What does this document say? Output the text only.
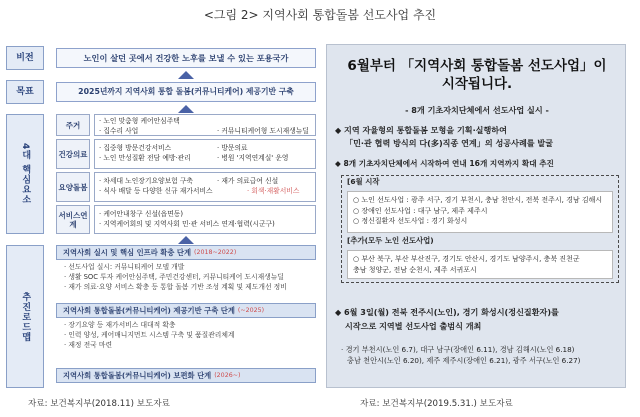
<그림 2> 지역사회 통합돌봄 선도사업 추진
비전	노인이 살던 곳에서 건강한 노후를 보낼 수 있는 포용국가
목표	2025년까지 지역사회 통합 돌봄(커뮤니티케어) 제공기반 구축
4대 핵심요소
주거	· 노인 맞춤형 케어안심주택
· 집수리 사업	· 커뮤니티케어형 도시재생뉴딜
건강의료
· 집중형 방문건강서비스	· 방문의료
· 노인 만성질환 전담 예방·관리	· 병원 '지역연계실' 운영
요양돌봄
· 차세대 노인장기요양보험 구축	· 재가 의료급여 신설
· 식사 배달 등 다양한 신규 재가서비스	· 회색·재활서비스
서비스연계
· 케어안내창구 신설(읍면동)
· 지역케어회의 및 지역사회 민·관 서비스 연계·협력(시군구)
추진로드맵
지역사회 실시 및 핵심 인프라 확충 단계 (2018~2022)
· 선도사업 실시: 커뮤니티케어 모델 개발
· 생활 SOC 투자 케어안심주택, 주민건강센터, 커뮤니티케어 도시재생뉴딜
· 재가 의료·요양 서비스 확충 등 통합 돌봄 기반 조성 계획 및 제도개선 정비
지역사회 통합돌봄(커뮤니티케어) 제공기반 구축 단계 (~2025)
· 장기요양 등 재가서비스 대대적 확충
· 인력 양성, 케어매니지먼트 시스템 구축 및 품질관리체계
· 재정 전국 마련
지역사회 통합돌봄(커뮤니티케어) 보편화 단계 (2026~)
자료: 보건복지부(2018.11) 보도자료
6월부터 「지역사회 통합돌봄 선도사업」이
시작됩니다.
- 8개 기초자치단체에서 선도사업 실시 -
◆ 지역 자율형의 통합돌봄 모형을 기획·실행하여
「민·관 협력 방식의 다(多)직종 연계」의 성공사례를 발굴
◆ 8개 기초자치단체에서 시작하여 연내 16개 지역까지 확대 추진
[6월 시작
○ 노인 선도사업 : 광주 서구, 경기 부천시, 충남 천안시, 전북 전주시, 경남 김해시
○ 장애인 선도사업 : 대구 남구, 제주 제주시
○ 정신질환자 선도사업 : 경기 화성시
[추가(모두 노인 선도사업)
○ 부산 북구, 부산 부산진구, 경기도 안산시, 경기도 남양주시, 충북 진천군
충남 청양군, 전남 순천시, 제주 서귀포시
◆ 6월 3일(월) 전북 전주시(노인), 경기 화성시(정신질환자)를
시작으로 지역별 선도사업 출범식 개최
· 경기 부천시(노인 6.7), 대구 남구(장애인 6.11), 경남 김해시(노인 6.18)
충남 천안시(노인 6.20), 제주 제주시(장애인 6.21), 광주 서구(노인 6.27)
자료: 보건복지부(2019.5.31.) 보도자료
